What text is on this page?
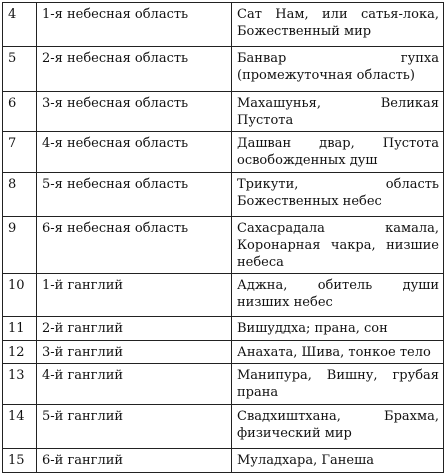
4	1-я небесная область	Сат Нам, или сатья-лока, Божественный мир
5	2-я небесная область	Банвар гупха (промежуточная область)
6	3-я небесная область	Махашунья, Великая Пустота
7	4-я небесная область	Дашван двар, Пустота освобожденных душ
8	5-я небесная область	Трикути, область Божественных небес
9	6-я небесная область	Сахасрадала камала, Коронарная чакра, низшие небеса
10	1-й ганглий	Аджна, обитель души низших небес
11	2-й ганглий	Вишуддха; прана, сон
12	3-й ганглий	Анахата, Шива, тонкое тело
13	4-й ганглий	Манипура, Вишну, грубая прана
14	5-й ганглий	Свадхиштхана, Брахма, физический мир
15	6-й ганглий	Муладхара, Ганеша
